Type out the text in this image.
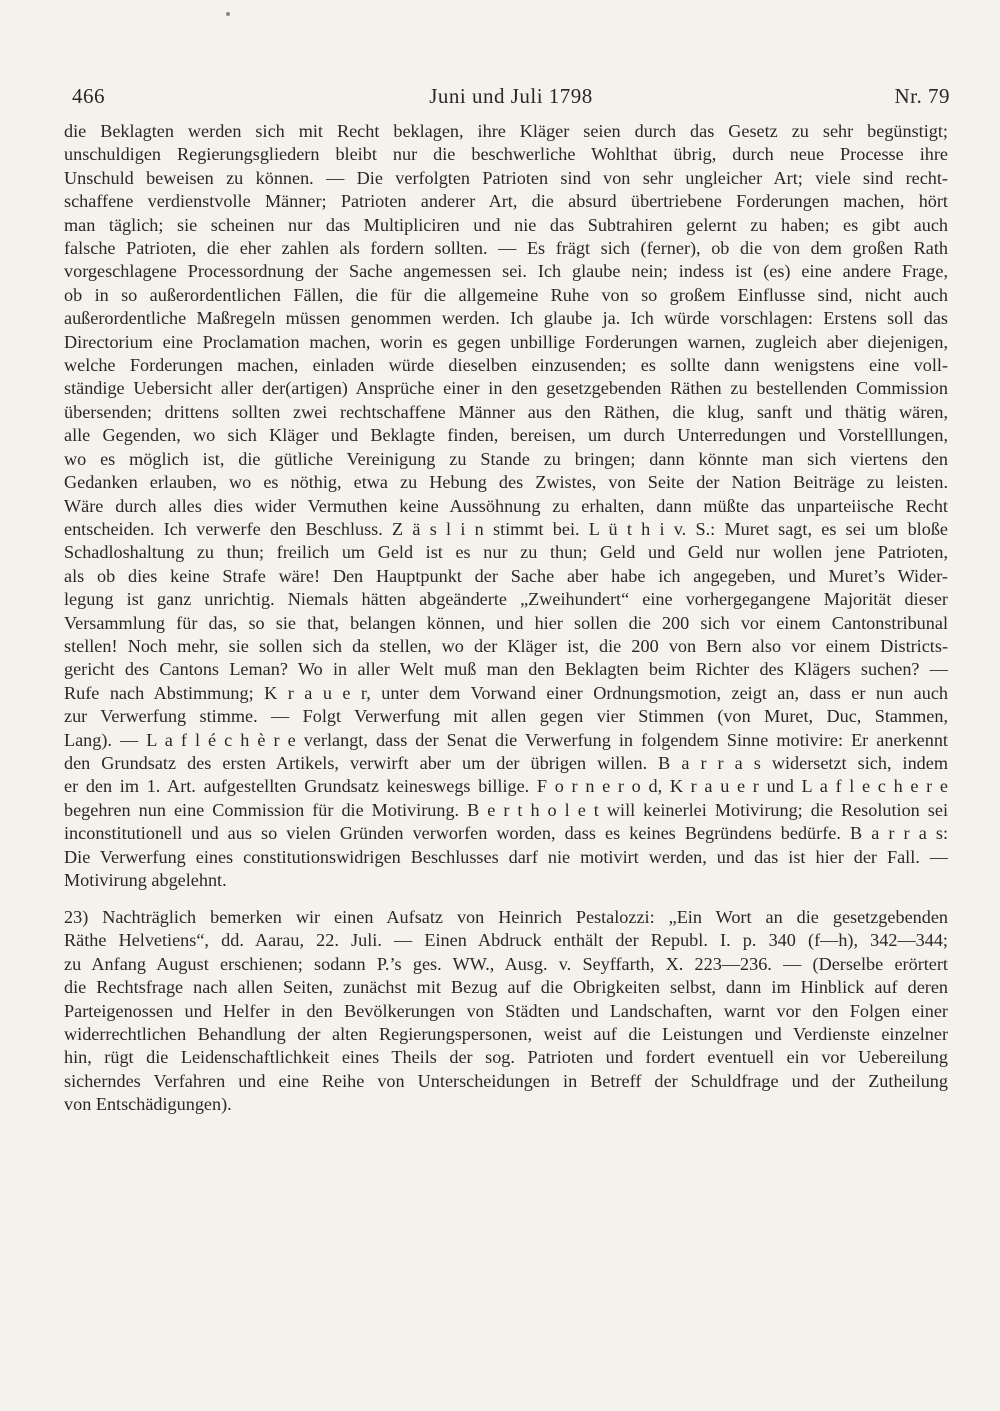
466	Juni und Juli 1798	Nr. 79
die Beklagten werden sich mit Recht beklagen, ihre Kläger seien durch das Gesetz zu sehr begünstigt;
unschuldigen Regierungsgliedern bleibt nur die beschwerliche Wohlthat übrig, durch neue Processe ihre
Unschuld beweisen zu können. — Die verfolgten Patrioten sind von sehr ungleicher Art; viele sind recht-
schaffene verdienstvolle Männer; Patrioten anderer Art, die absurd übertriebene Forderungen machen, hört
man täglich; sie scheinen nur das Multipliciren und nie das Subtrahiren gelernt zu haben; es gibt auch
falsche Patrioten, die eher zahlen als fordern sollten. — Es frägt sich (ferner), ob die von dem großen Rath
vorgeschlagene Processordnung der Sache angemessen sei. Ich glaube nein; indess ist (es) eine andere Frage,
ob in so außerordentlichen Fällen, die für die allgemeine Ruhe von so großem Einflusse sind, nicht auch
außerordentliche Maßregeln müssen genommen werden. Ich glaube ja. Ich würde vorschlagen: Erstens soll das
Directorium eine Proclamation machen, worin es gegen unbillige Forderungen warnen, zugleich aber diejenigen,
welche Forderungen machen, einladen würde dieselben einzusenden; es sollte dann wenigstens eine voll-
ständige Uebersicht aller der(artigen) Ansprüche einer in den gesetzgebenden Räthen zu bestellenden Commission
übersenden; drittens sollten zwei rechtschaffene Männer aus den Räthen, die klug, sanft und thätig wären,
alle Gegenden, wo sich Kläger und Beklagte finden, bereisen, um durch Unterredungen und Vorstelllungen,
wo es möglich ist, die gütliche Vereinigung zu Stande zu bringen; dann könnte man sich viertens den
Gedanken erlauben, wo es nöthig, etwa zu Hebung des Zwistes, von Seite der Nation Beiträge zu leisten.
Wäre durch alles dies wider Vermuthen keine Aussöhnung zu erhalten, dann müßte das unparteiische Recht
entscheiden. Ich verwerfe den Beschluss. Z ä s l i n stimmt bei. L ü t h i v. S.: Muret sagt, es sei um bloße
Schadloshaltung zu thun; freilich um Geld ist es nur zu thun; Geld und Geld nur wollen jene Patrioten,
als ob dies keine Strafe wäre! Den Hauptpunkt der Sache aber habe ich angegeben, und Muret’s Wider-
legung ist ganz unrichtig. Niemals hätten abgeänderte „Zweihundert“ eine vorhergegangene Majorität dieser
Versammlung für das, so sie that, belangen können, und hier sollen die 200 sich vor einem Cantonstribunal
stellen! Noch mehr, sie sollen sich da stellen, wo der Kläger ist, die 200 von Bern also vor einem Districts-
gericht des Cantons Leman? Wo in aller Welt muß man den Beklagten beim Richter des Klägers suchen? —
Rufe nach Abstimmung; K r a u e r, unter dem Vorwand einer Ordnungsmotion, zeigt an, dass er nun auch
zur Verwerfung stimme. — Folgt Verwerfung mit allen gegen vier Stimmen (von Muret, Duc, Stammen,
Lang). — L a f l é c h è r e verlangt, dass der Senat die Verwerfung in folgendem Sinne motivire: Er anerkennt
den Grundsatz des ersten Artikels, verwirft aber um der übrigen willen. B a r r a s widersetzt sich, indem
er den im 1. Art. aufgestellten Grundsatz keineswegs billige. F o r n e r o d, K r a u e r und L a f l e c h e r e
begehren nun eine Commission für die Motivirung. B e r t h o l e t will keinerlei Motivirung; die Resolution sei
inconstitutionell und aus so vielen Gründen verworfen worden, dass es keines Begründens bedürfe. B a r r a s:
Die Verwerfung eines constitutionswidrigen Beschlusses darf nie motivirt werden, und das ist hier der Fall. —
Motivirung abgelehnt.
23) Nachträglich bemerken wir einen Aufsatz von Heinrich Pestalozzi: „Ein Wort an die gesetzgebenden
Räthe Helvetiens“, dd. Aarau, 22. Juli. — Einen Abdruck enthält der Republ. I. p. 340 (f—h), 342—344;
zu Anfang August erschienen; sodann P.’s ges. WW., Ausg. v. Seyffarth, X. 223—236. — (Derselbe erörtert
die Rechtsfrage nach allen Seiten, zunächst mit Bezug auf die Obrigkeiten selbst, dann im Hinblick auf deren
Parteigenossen und Helfer in den Bevölkerungen von Städten und Landschaften, warnt vor den Folgen einer
widerrechtlichen Behandlung der alten Regierungspersonen, weist auf die Leistungen und Verdienste einzelner
hin, rügt die Leidenschaftlichkeit eines Theils der sog. Patrioten und fordert eventuell ein vor Uebereilung
sicherndes Verfahren und eine Reihe von Unterscheidungen in Betreff der Schuldfrage und der Zutheilung
von Entschädigungen).
